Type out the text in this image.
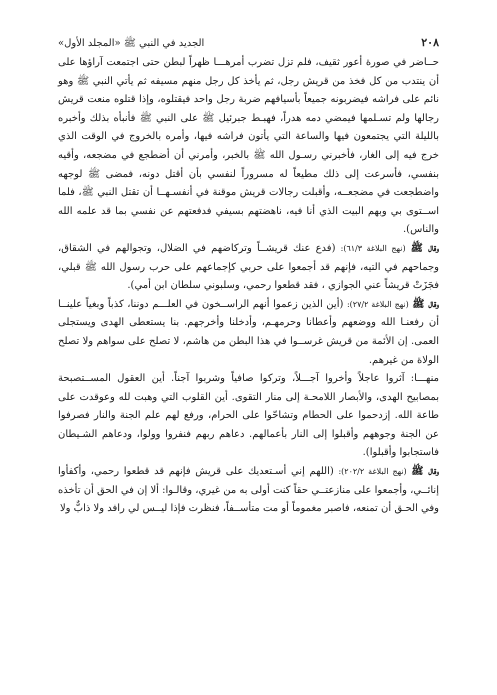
٢٠٨
الجديد في النبي ﷺ «المجلد الأول»

حــاضر في صورة أعور ثقيف، فلم تزل تضرب أمرهـــا ظهراً لبطن حتى اجتمعت آراؤها على أن ينتدب من كل فخذ من قريش رجل، ثم يأخذ كل رجل منهم مسيفه ثم يأتي النبي ﷺ وهو نائم على فراشه فيضربونه جميعاً بأسيافهم ضربة رجل واحد فيقتلوه، وإذا قتلوه منعت قريش رجالها ولم تسـلمها فيمضي دمه هدراً، فهبـط جبرئيل ﷺ على النبي ﷺ فأنبأه بذلك وأخبره بالليلة التي يجتمعون فيها والساعة التي يأتون فراشه فيها، وأمره بالخروج في الوقت الذي خرج فيه إلى الغار، فأخبرني رسـول الله ﷺ بالخبر، وأمرني أن أضطجع في مضجعه، وأقيه بنفسي، فأسرعت إلى ذلك مطيعاً له مسروراً لنفسي بأن أقتل دونه، فمضى ﷺ لوجهه واضطجعت في مضجعــه، وأقبلت رجالات قريش موقنة في أنفسـهــا أن تقتل النبي ﷺ، فلما اســتوى بي وبهم البيت الذي أنا فيه، ناهضتهم بسيفي فدفعتهم عن نفسي بما قد علمه الله والناس).

وقال ﷺ (نهج البلاغة ٦١/٣): (فدع عنك قريشــاً وتركاضهم في الضلال، وتجوالهم في الشقاق، وجماحهم في التيه، فإنهم قد أجمعوا على حربي كإجماعهم على حرب رسول الله ﷺ قبلي، فجَزَتْ قريشاً عني الجوازي ، فقد قطعوا رحمي، وسلبوني سلطان ابن أمي).

وقال ﷺ (نهج البلاغة ٢٧/٢): (أين الذين زعموا أنهم الراســخون في العلـــم دوننا، كذباً وبغياً علينــا أن رفعنـا الله ووضعهم وأعطانا وحرمهـم، وأدخلنا وأخرجهم. بنا يستعطى الهدى ويستجلى العمى. إن الأئمة من قريش غرســوا في هذا البطن من هاشم، لا تصلح على سواهم ولا تصلح الولاة من غيرهم.

منهـــا: آثروا عاجلاً وأخروا آجـــلاً، وتركوا صافياً وشربوا آجناً. أين العقول المســتصبحة بمصابيح الهدى، والأبصار اللامحـة إلى منار التقوى. أين القلوب التي وهبت لله وعوقدت على طاعة الله. إزدحموا على الحطام وتشاحّوا على الحرام، ورفع لهم علم الجنة والنار فصرفوا عن الجنة وجوههم وأقبلوا إلى النار بأعمالهم. دعاهم ربهم فنفروا وولوا، ودعاهم الشـيطان فاستجابوا وأقبلوا).

وقال ﷺ (نهج البلاغة ٢٠٢/٢): (اللهم إني أسـتعديك على قريش فإنهم قد قطعوا رحمي، وأكفأوا إنائــي، وأجمعوا على منازعتــي حقاً كنت أولى به من غيري، وقالـوا: ألا إن في الحق أن تأخذه وفي الحـق أن تمنعه، فاصبر مغموماً أو مت متأســفاً، فنظرت فإذا ليــس لي رافد ولا ذابٌّ ولا
